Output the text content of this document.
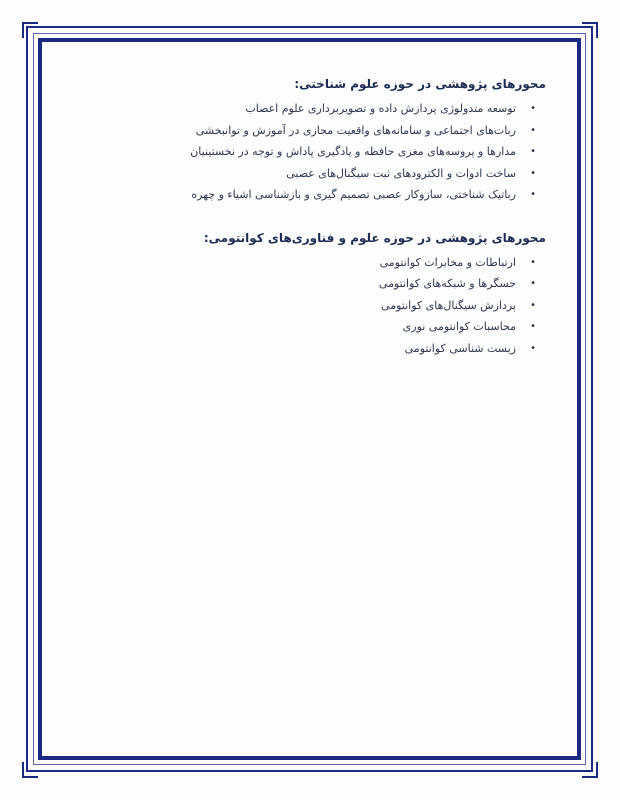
محورهای پژوهشی در حوزه علوم شناختی:
•
توسعه متدولوژی پردازش داده و تصویربرداری علوم اعصاب
•
ربات‌های اجتماعی و سامانه‌های واقعیت مجازی در آموزش و توانبخشی
•
مدارها و پروسه‌های مغزی حافظه و یادگیری پاداش و توجه در نخستینیان
•
ساخت ادوات و الکترودهای ثبت سیگنال‌های عصبی
•
رباتیک شناختی، سازوکار عصبی تصمیم گیری و بازشناسی اشیاء و چهره
محورهای پژوهشی در حوزه علوم و فناوری‌های کوانتومی:
•
ارتباطات و مخابرات کوانتومی
•
حسگرها و شبکه‌های کوانتومی
•
پردازش سیگنال‌های کوانتومی
•
محاسبات کوانتومی نوری
•
زیست شناسی کوانتومی
